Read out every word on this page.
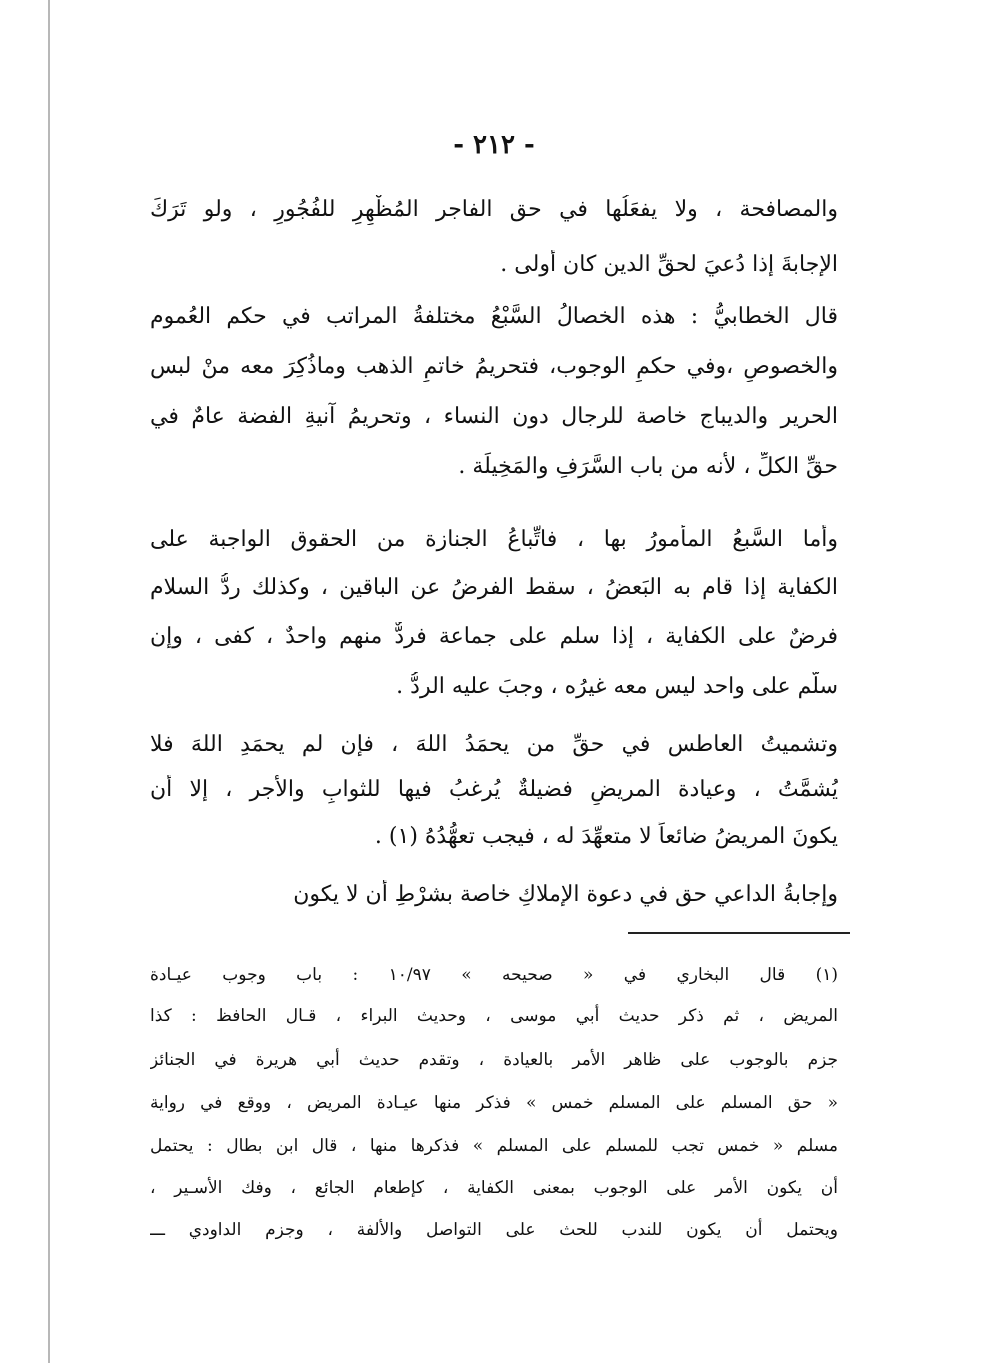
- ٢١٢ -
والمصافحة ، ولا يفعَلُها في حق الفاجر المُظْهِرِ للفُجُورِ ، ولو تَرَكَ
الإجابةَ إذا دُعيَ لحقِّ الدين كان أولى .
قال الخطابيُّ : هذه الخصالُ السَّبْعُ مختلفةُ المراتب في حكم العُموم
والخصوصِ ،وفي حكمِ الوجوب، فتحريمُ خاتمِ الذهب وماذُكِرَ معه منْ لبس
الحرير والديباج خاصة للرجال دون النساء ، وتحريمُ آنيةِ الفضة عامٌ في
حقِّ الكلِّ ، لأنه من باب السَّرَفِ والمَخِيلَة .
وأما السَّبعُ المأمورُ بها ، فاتِّباعُ الجنازة من الحقوق الواجبة على
الكفاية إذا قام به البَعضُ ، سقط الفرضُ عن الباقين ، وكذلك ردُّ السلام
فرضٌ على الكفاية ، إذا سلم على جماعة فردٌّ منهم واحدٌ ، كفى ، وإن
سلَّم على واحد ليس معه غيرُه ، وجبَ عليه الردُّ .
وتشميتُ العاطس في حقِّ من يحمَدُ اللهَ ، فإن لم يحمَدِ اللهَ فلا
يُشمَّتُ ، وعيادة المريضِ فضيلةٌ يُرغبُ فيها للثوابِ والأجر ، إلا أن
يكونَ المريضُ ضائعاً لا متعهِّدَ له ، فيجب تعهُّدُهُ (١) .
وإجابةُ الداعي حق في دعوة الإملاكِ خاصة بشرْطِ أن لا يكون
(١) قال البخاري في « صحيحه » ١٠/٩٧ : باب وجوب عيـادة
المريض ، ثم ذكر حديث أبي موسى ، وحديث البراء ، قـال الحافظ : كذا
جزم بالوجوب على ظاهر الأمر بالعيادة ، وتقدم حديث أبي هريرة في الجنائز
« حق المسلم على المسلم خمس » فذكر منها عيـادة المريض ، ووقع في رواية
مسلم « خمس تجب للمسلم على المسلم » فذكرها منها ، قال ابن بطال : يحتمل
أن يكون الأمر على الوجوب بمعنى الكفاية ، كإطعام الجائع ، وفك الأسـير ،
ويحتمل أن يكون للندب للحث على التواصل والألفة ، وجزم الداودي ـــ
